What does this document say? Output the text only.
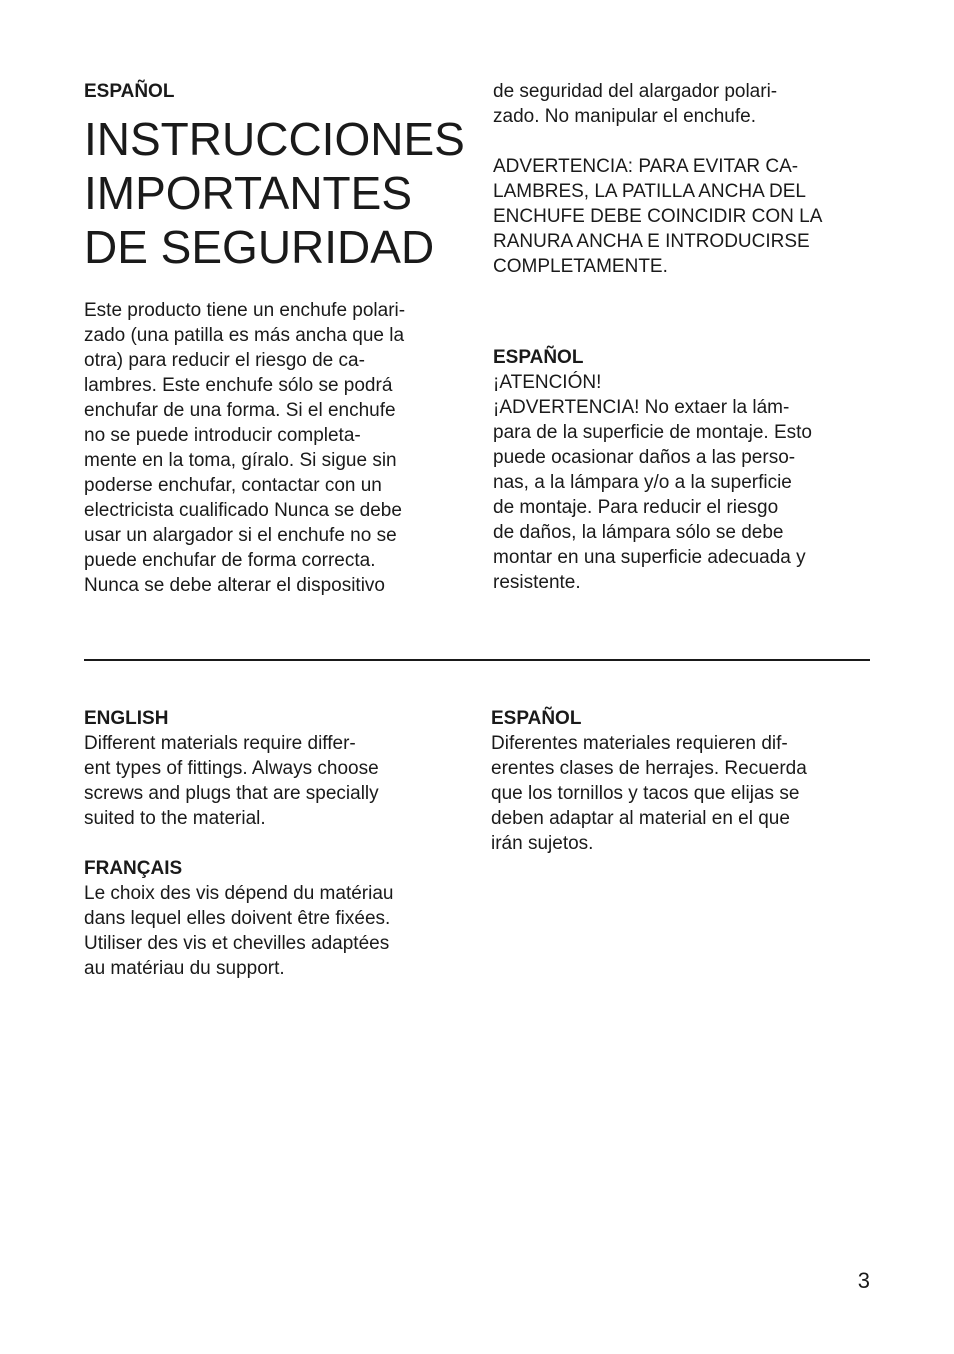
ESPAÑOL

INSTRUCCIONES
IMPORTANTES
DE SEGURIDAD

Este producto tiene un enchufe polari-
zado (una patilla es más ancha que la
otra) para reducir el riesgo de ca-
lambres. Este enchufe sólo se podrá
enchufar de una forma. Si el enchufe
no se puede introducir completa-
mente en la toma, gíralo. Si sigue sin
poderse enchufar, contactar con un
electricista cualificado Nunca se debe
usar un alargador si el enchufe no se
puede enchufar de forma correcta.
Nunca se debe alterar el dispositivo

de seguridad del alargador polari-
zado. No manipular el enchufe.

ADVERTENCIA: PARA EVITAR CA-
LAMBRES, LA PATILLA ANCHA DEL
ENCHUFE DEBE COINCIDIR CON LA
RANURA ANCHA E INTRODUCIRSE
COMPLETAMENTE.

ESPAÑOL

¡ATENCIÓN!

¡ADVERTENCIA! No extaer la lám-
para de la superficie de montaje. Esto
puede ocasionar daños a las perso-
nas, a la lámpara y/o a la superficie
de montaje. Para reducir el riesgo
de daños, la lámpara sólo se debe
montar en una superficie adecuada y
resistente.

ENGLISH

Different materials require differ-
ent types of fittings. Always choose
screws and plugs that are specially
suited to the material.

FRANÇAIS

Le choix des vis dépend du matériau
dans lequel elles doivent être fixées.
Utiliser des vis et chevilles adaptées
au matériau du support.

ESPAÑOL

Diferentes materiales requieren dif-
erentes clases de herrajes. Recuerda
que los tornillos y tacos que elijas se
deben adaptar al material en el que
irán sujetos.

3
